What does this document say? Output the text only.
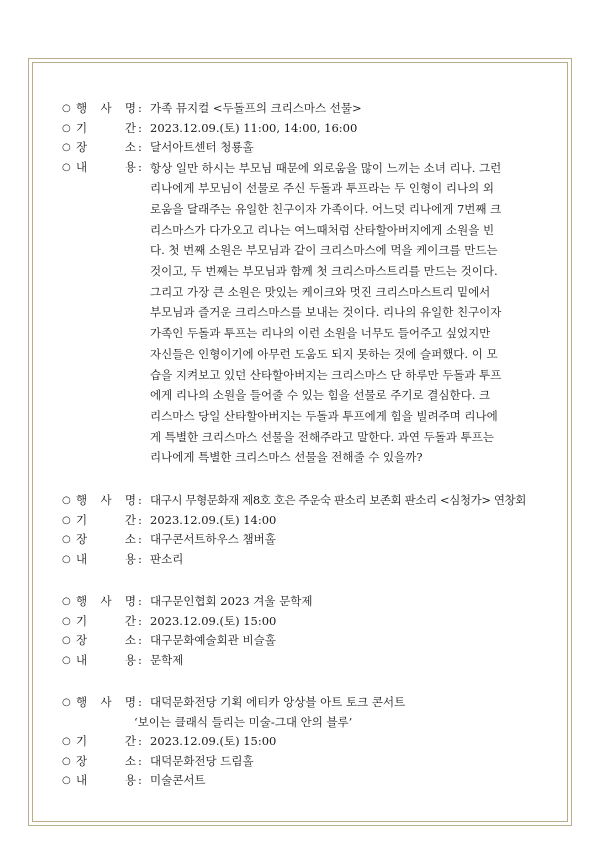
○ 행 사 명 : 가족 뮤지컬 <두돌프의 크리스마스 선물>
○ 기	간 : 2023.12.09.(토) 11:00, 14:00, 16:00
○ 장	소 : 달서아트센터 청룡홀
○ 내	용 : 항상 일만 하시는 부모님 때문에 외로움을 많이 느끼는 소녀 리나. 그런
리나에게 부모님이 선물로 주신 두돌과 투프라는 두 인형이 리나의 외
로움을 달래주는 유일한 친구이자 가족이다. 어느덧 리나에게 7번째 크
리스마스가 다가오고 리나는 여느때처럼 산타할아버지에게 소원을 빈
다. 첫 번째 소원은 부모님과 같이 크리스마스에 먹을 케이크를 만드는
것이고, 두 번째는 부모님과 함께 첫 크리스마스트리를 만드는 것이다.
그리고 가장 큰 소원은 맛있는 케이크와 멋진 크리스마스트리 밑에서
부모님과 즐거운 크리스마스를 보내는 것이다. 리나의 유일한 친구이자
가족인 두돌과 투프는 리나의 이런 소원을 너무도 들어주고 싶었지만
자신들은 인형이기에 아무런 도움도 되지 못하는 것에 슬퍼했다. 이 모
습을 지켜보고 있던 산타할아버지는 크리스마스 단 하루만 두돌과 투프
에게 리나의 소원을 들어줄 수 있는 힘을 선물로 주기로 결심한다. 크
리스마스 당일 산타할아버지는 두돌과 투프에게 힘을 빌려주며 리나에
게 특별한 크리스마스 선물을 전해주라고 말한다. 과연 두돌과 투프는
리나에게 특별한 크리스마스 선물을 전해줄 수 있을까?
○ 행 사 명 : 대구시 무형문화재 제8호 호은 주운숙 판소리 보존회 판소리 <심청가> 연창회
○ 기	간 : 2023.12.09.(토) 14:00
○ 장	소 : 대구콘서트하우스 챔버홀
○ 내	용 : 판소리
○ 행 사 명 : 대구문인협회 2023 겨울 문학제
○ 기	간 : 2023.12.09.(토) 15:00
○ 장	소 : 대구문화예술회관 비슬홀
○ 내	용 : 문학제
○ 행 사 명 : 대덕문화전당 기획 에티카 앙상블 아트 토크 콘서트
‘보이는 클래식 들리는 미술-그대 안의 블루’
○ 기	간 : 2023.12.09.(토) 15:00
○ 장	소 : 대덕문화전당 드림홀
○ 내	용 : 미술콘서트
